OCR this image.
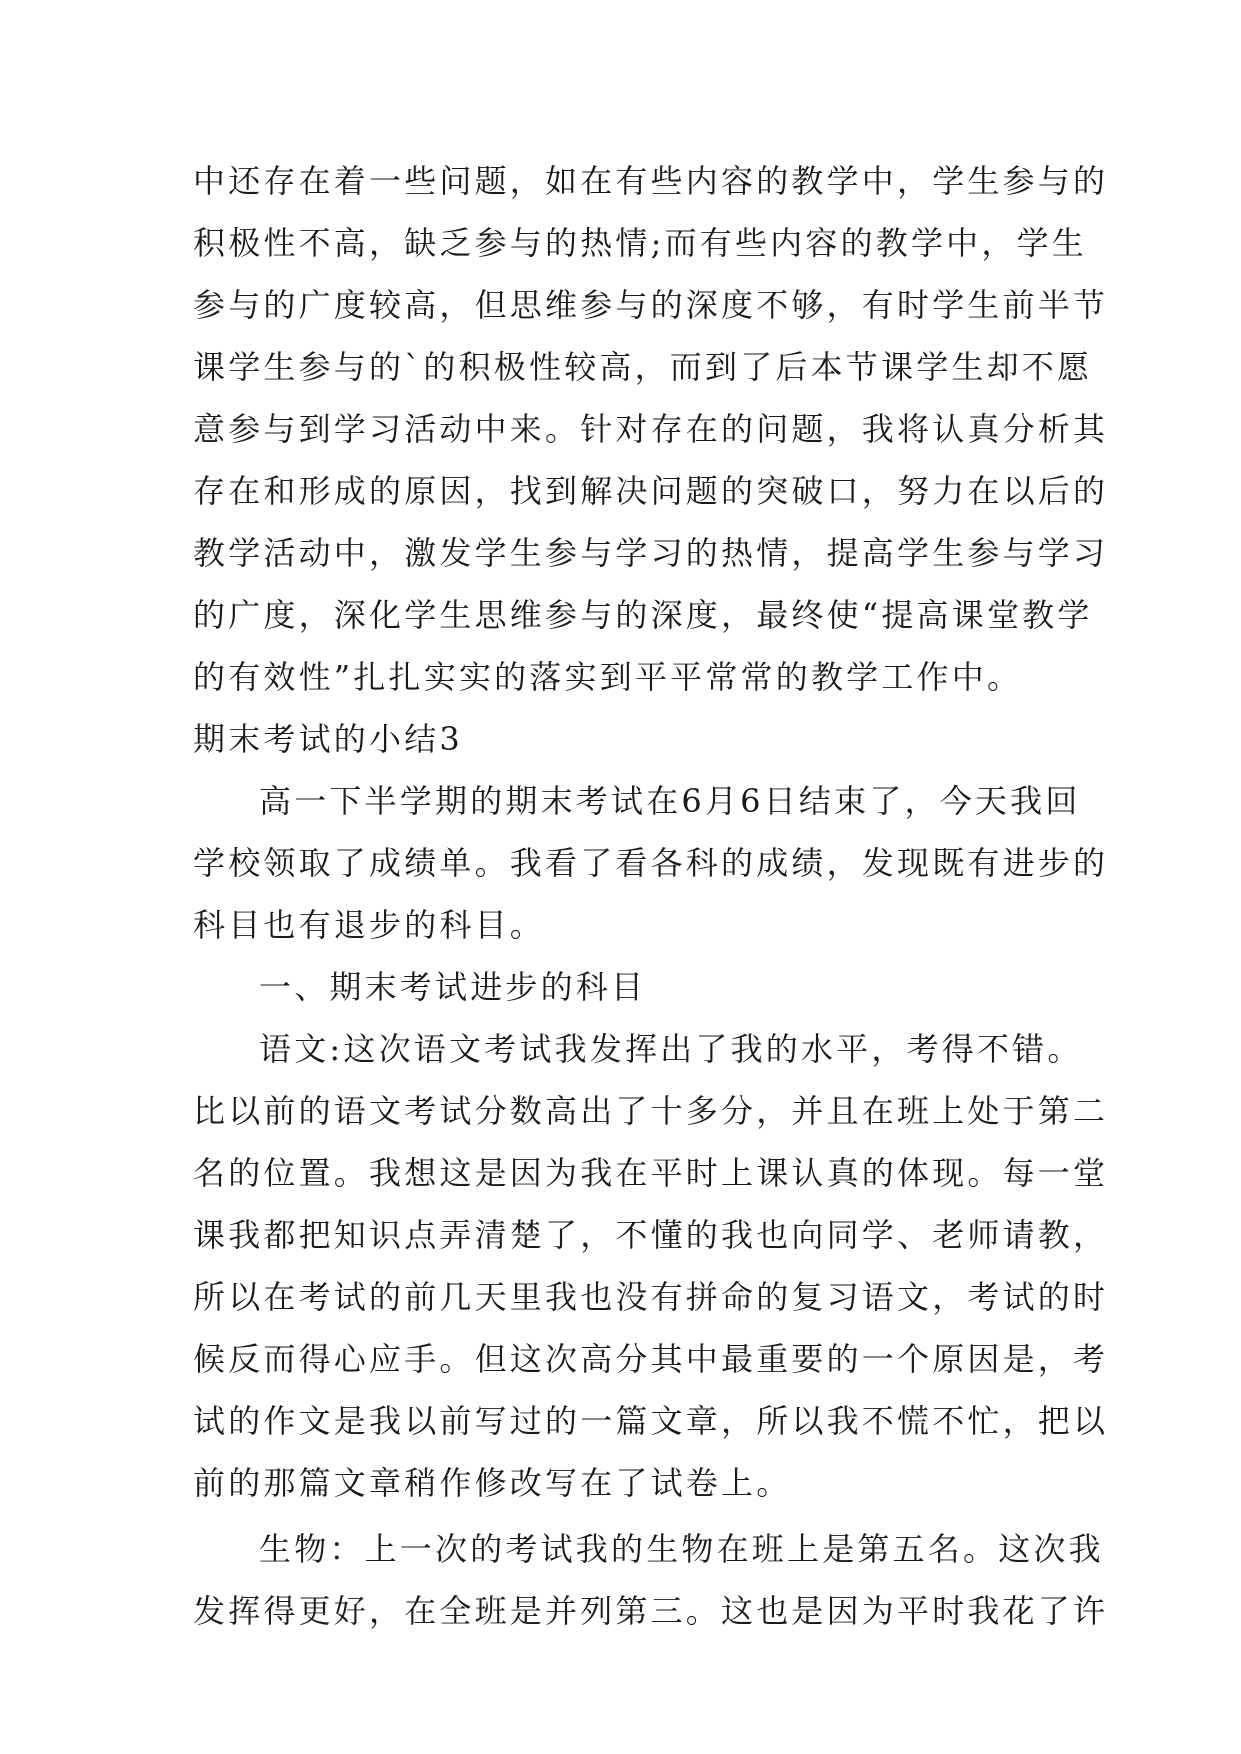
中还存在着一些问题，如在有些内容的教学中，学生参与的
积极性不高，缺乏参与的热情;而有些内容的教学中，学生
参与的广度较高，但思维参与的深度不够，有时学生前半节
课学生参与的`的积极性较高，而到了后本节课学生却不愿
意参与到学习活动中来。针对存在的问题，我将认真分析其
存在和形成的原因，找到解决问题的突破口，努力在以后的
教学活动中，激发学生参与学习的热情，提高学生参与学习
的广度，深化学生思维参与的深度，最终使“提高课堂教学
的有效性”扎扎实实的落实到平平常常的教学工作中。
期末考试的小结3
高一下半学期的期末考试在6月6日结束了，今天我回
学校领取了成绩单。我看了看各科的成绩，发现既有进步的
科目也有退步的科目。
一、期末考试进步的科目
语文:这次语文考试我发挥出了我的水平，考得不错。
比以前的语文考试分数高出了十多分，并且在班上处于第二
名的位置。我想这是因为我在平时上课认真的体现。每一堂
课我都把知识点弄清楚了，不懂的我也向同学、老师请教，
所以在考试的前几天里我也没有拼命的复习语文，考试的时
候反而得心应手。但这次高分其中最重要的一个原因是，考
试的作文是我以前写过的一篇文章，所以我不慌不忙，把以
前的那篇文章稍作修改写在了试卷上。
生物：上一次的考试我的生物在班上是第五名。这次我
发挥得更好，在全班是并列第三。这也是因为平时我花了许
